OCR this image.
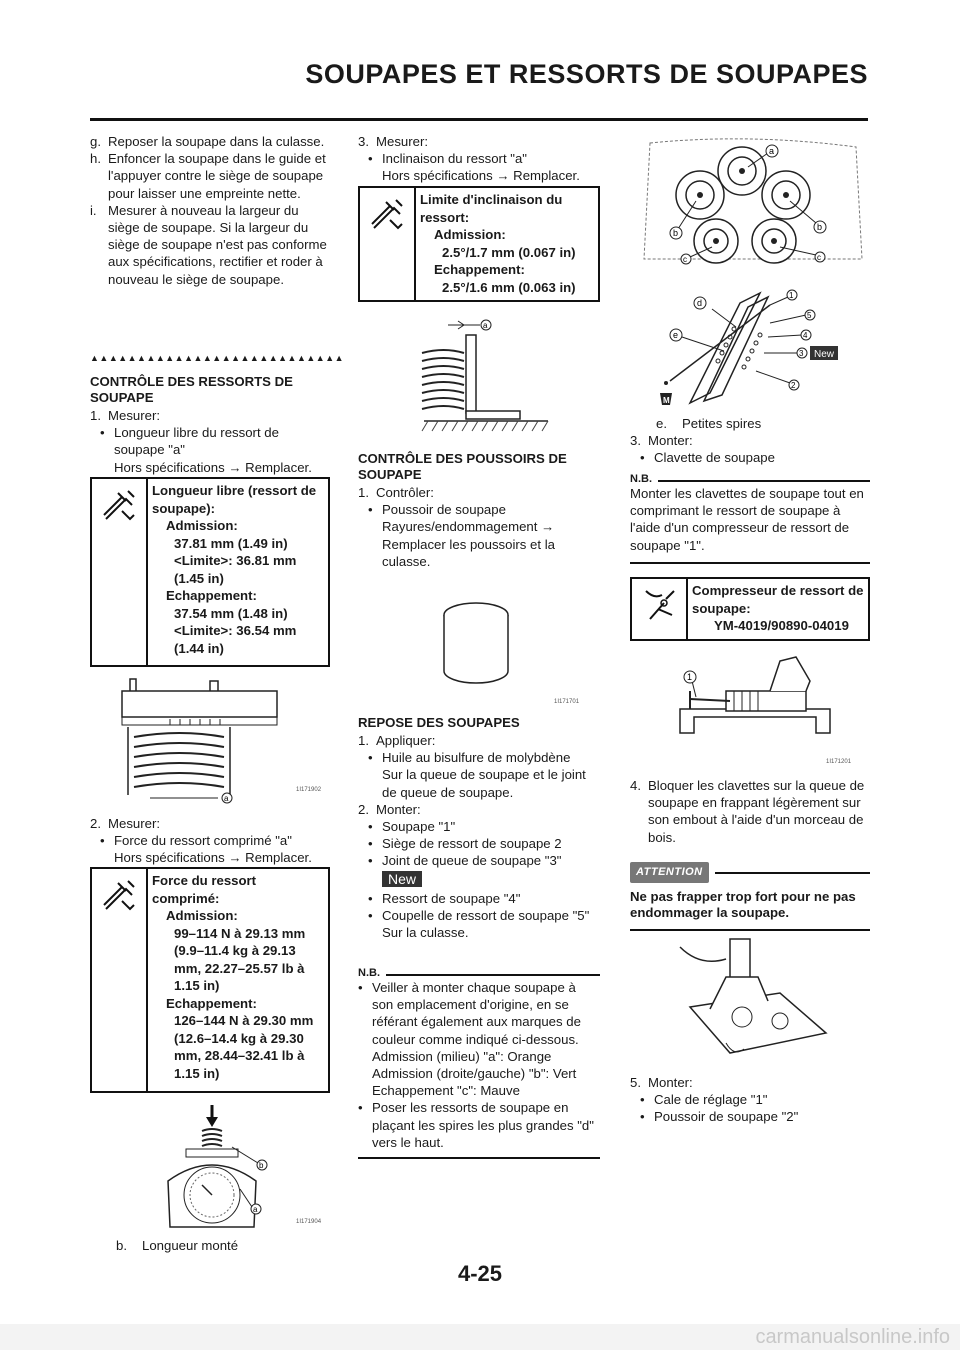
SOUPAPES ET RESSORTS DE SOUPAPES
g. Reposer la soupape dans la culasse.
h. Enfoncer la soupape dans le guide et l'appuyer contre le siège de soupape pour laisser une empreinte nette.
i. Mesurer à nouveau la largeur du siège de soupape. Si la largeur du siège de soupape n'est pas conforme aux spécifications, rectifier et roder à nouveau le siège de soupape.
▲▲▲▲▲▲▲▲▲▲▲▲▲▲▲▲▲▲▲▲▲▲▲▲▲▲▲
CONTRÔLE DES RESSORTS DE SOUPAPE
1. Mesurer:
• Longueur libre du ressort de soupape "a"
Hors spécifications → Remplacer.
Longueur libre (ressort de soupape):
Admission:
37.81 mm (1.49 in)
<Limite>: 36.81 mm (1.45 in)
Echappement:
37.54 mm (1.48 in)
<Limite>: 36.54 mm (1.44 in)
a
1I171902
2. Mesurer:
• Force du ressort comprimé "a"
Hors spécifications → Remplacer.
Force du ressort comprimé:
Admission:
99–114 N à 29.13 mm (9.9–11.4 kg à 29.13 mm, 22.27–25.57 lb à 1.15 in)
Echappement:
126–144 N à 29.30 mm (12.6–14.4 kg à 29.30 mm, 28.44–32.41 lb à 1.15 in)
b
a
1I171904
b.	Longueur monté
3. Mesurer:
• Inclinaison du ressort "a"
Hors spécifications → Remplacer.
Limite d'inclinaison du ressort:
Admission:
2.5°/1.7 mm (0.067 in)
Echappement:
2.5°/1.6 mm (0.063 in)
a
CONTRÔLE DES POUSSOIRS DE SOUPAPE
1. Contrôler:
• Poussoir de soupape
Rayures/endommagement → Remplacer les poussoirs et la culasse.
1I171701
REPOSE DES SOUPAPES
1. Appliquer:
• Huile au bisulfure de molybdène
Sur la queue de soupape et le joint de queue de soupape.
2. Monter:
• Soupape "1"
• Siège de ressort de soupape 2
• Joint de queue de soupape "3"
New
• Ressort de soupape "4"
• Coupelle de ressort de soupape "5"
Sur la culasse.
N.B.
• Veiller à monter chaque soupape à son emplacement d'origine, en se référant également aux marques de couleur comme indiqué ci-dessous. Admission (milieu) "a": Orange Admission (droite/gauche) "b": Vert Echappement "c": Mauve
• Poser les ressorts de soupape en plaçant les spires les plus grandes "d" vers le haut.
a
b
b
c	c
M
d
e
1
5
4
3 New
2
e.	Petites spires
3. Monter:
• Clavette de soupape
N.B.
Monter les clavettes de soupape tout en comprimant le ressort de soupape à l'aide d'un compresseur de ressort de soupape "1".
Compresseur de ressort de soupape:
YM-4019/90890-04019
1
1I171201
4. Bloquer les clavettes sur la queue de soupape en frappant légèrement sur son embout à l'aide d'un morceau de bois.
ATTENTION
Ne pas frapper trop fort pour ne pas endommager la soupape.
5. Monter:
• Cale de réglage "1"
• Poussoir de soupape "2"
4-25
carmanualsonline.info
